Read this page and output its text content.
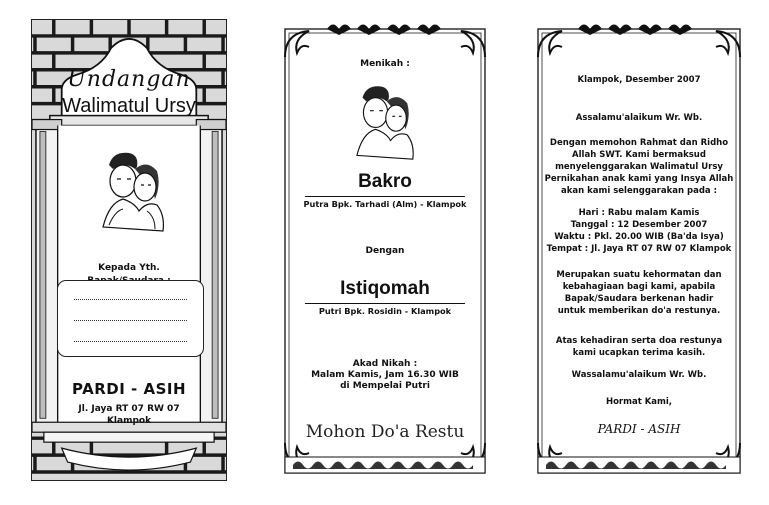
Undangan
Walimatul Ursy
Kepada Yth.
PARDI - ASIH
Jl. Jaya RT 07 RW 07
Klampok
Menikah :
Bakro
Putra Bpk. Tarhadi (Alm) - Klampok
Dengan
Istiqomah
Putri Bpk. Rosidin - Klampok
Akad Nikah :
Malam Kamis, Jam 16.30 WIB
di Mempelai Putri
Mohon Do'a Restu
Klampok, Desember 2007
Assalamu'alaikum Wr. Wb.
Dengan memohon Rahmat dan Ridho
Allah SWT. Kami bermaksud
menyelenggarakan Walimatul Ursy
Pernikahan anak kami yang Insya Allah
akan kami selenggarakan pada :
Hari : Rabu malam Kamis
Tanggal : 12 Desember 2007
Waktu : Pkl. 20.00 WIB (Ba'da Isya)
Tempat : Jl. Jaya RT 07 RW 07 Klampok
Merupakan suatu kehormatan dan
kebahagiaan bagi kami, apabila
Bapak/Saudara berkenan hadir
untuk memberikan do'a restunya.
Atas kehadiran serta doa restunya
kami ucapkan terima kasih.
Wassalamu'alaikum Wr. Wb.
Hormat Kami,
PARDI - ASIH
